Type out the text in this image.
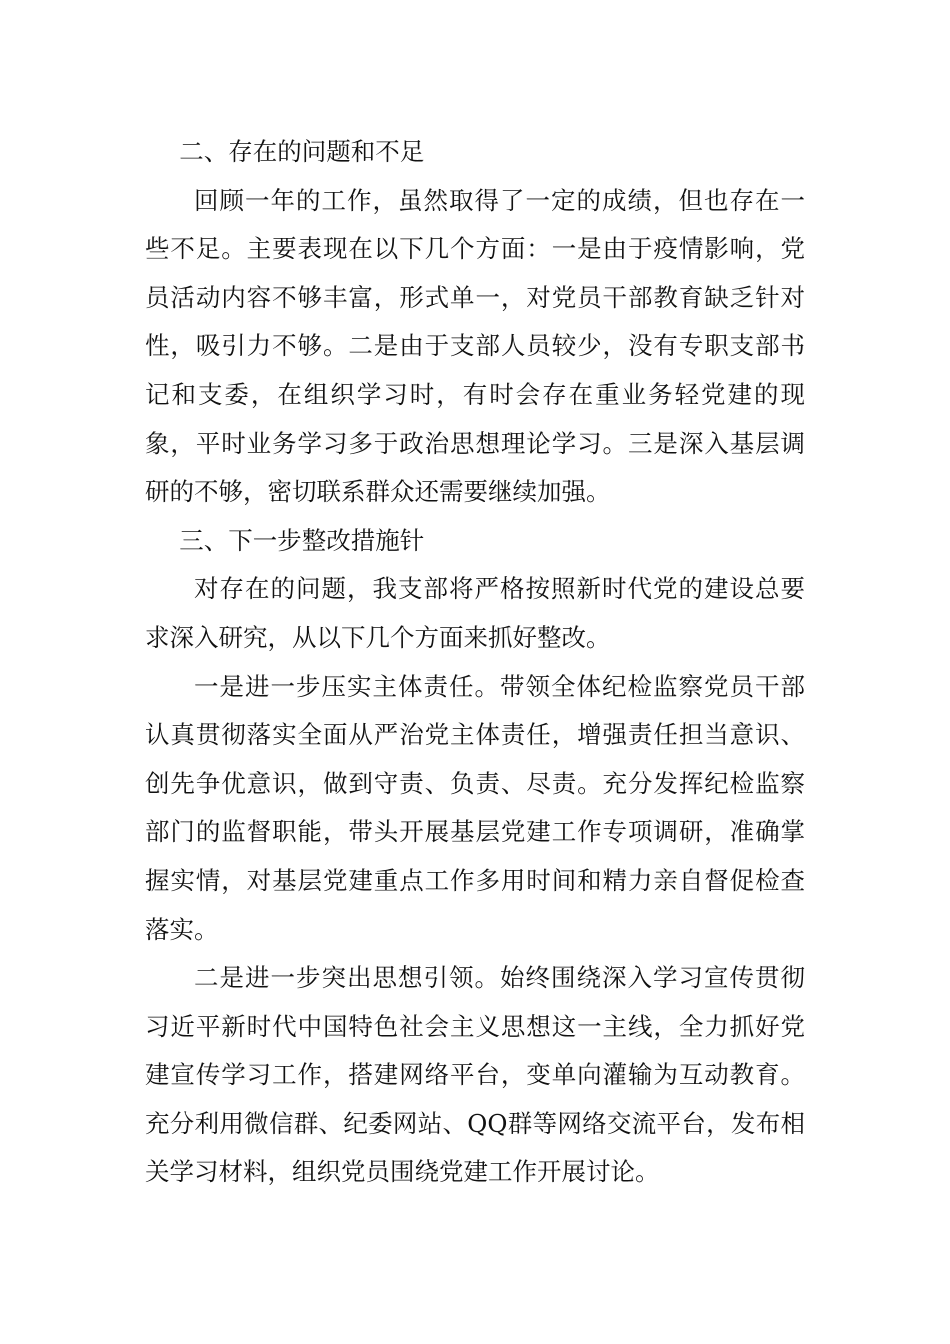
二、存在的问题和不足

回顾一年的工作，虽然取得了一定的成绩，但也存在一些不足。主要表现在以下几个方面：一是由于疫情影响，党员活动内容不够丰富，形式单一，对党员干部教育缺乏针对性，吸引力不够。二是由于支部人员较少，没有专职支部书记和支委，在组织学习时，有时会存在重业务轻党建的现象，平时业务学习多于政治思想理论学习。三是深入基层调研的不够，密切联系群众还需要继续加强。

三、下一步整改措施针

对存在的问题，我支部将严格按照新时代党的建设总要求深入研究，从以下几个方面来抓好整改。

一是进一步压实主体责任。带领全体纪检监察党员干部认真贯彻落实全面从严治党主体责任，增强责任担当意识、创先争优意识，做到守责、负责、尽责。充分发挥纪检监察部门的监督职能，带头开展基层党建工作专项调研，准确掌握实情，对基层党建重点工作多用时间和精力亲自督促检查落实。

二是进一步突出思想引领。始终围绕深入学习宣传贯彻习近平新时代中国特色社会主义思想这一主线，全力抓好党建宣传学习工作，搭建网络平台，变单向灌输为互动教育。充分利用微信群、纪委网站、QQ群等网络交流平台，发布相关学习材料，组织党员围绕党建工作开展讨论。
